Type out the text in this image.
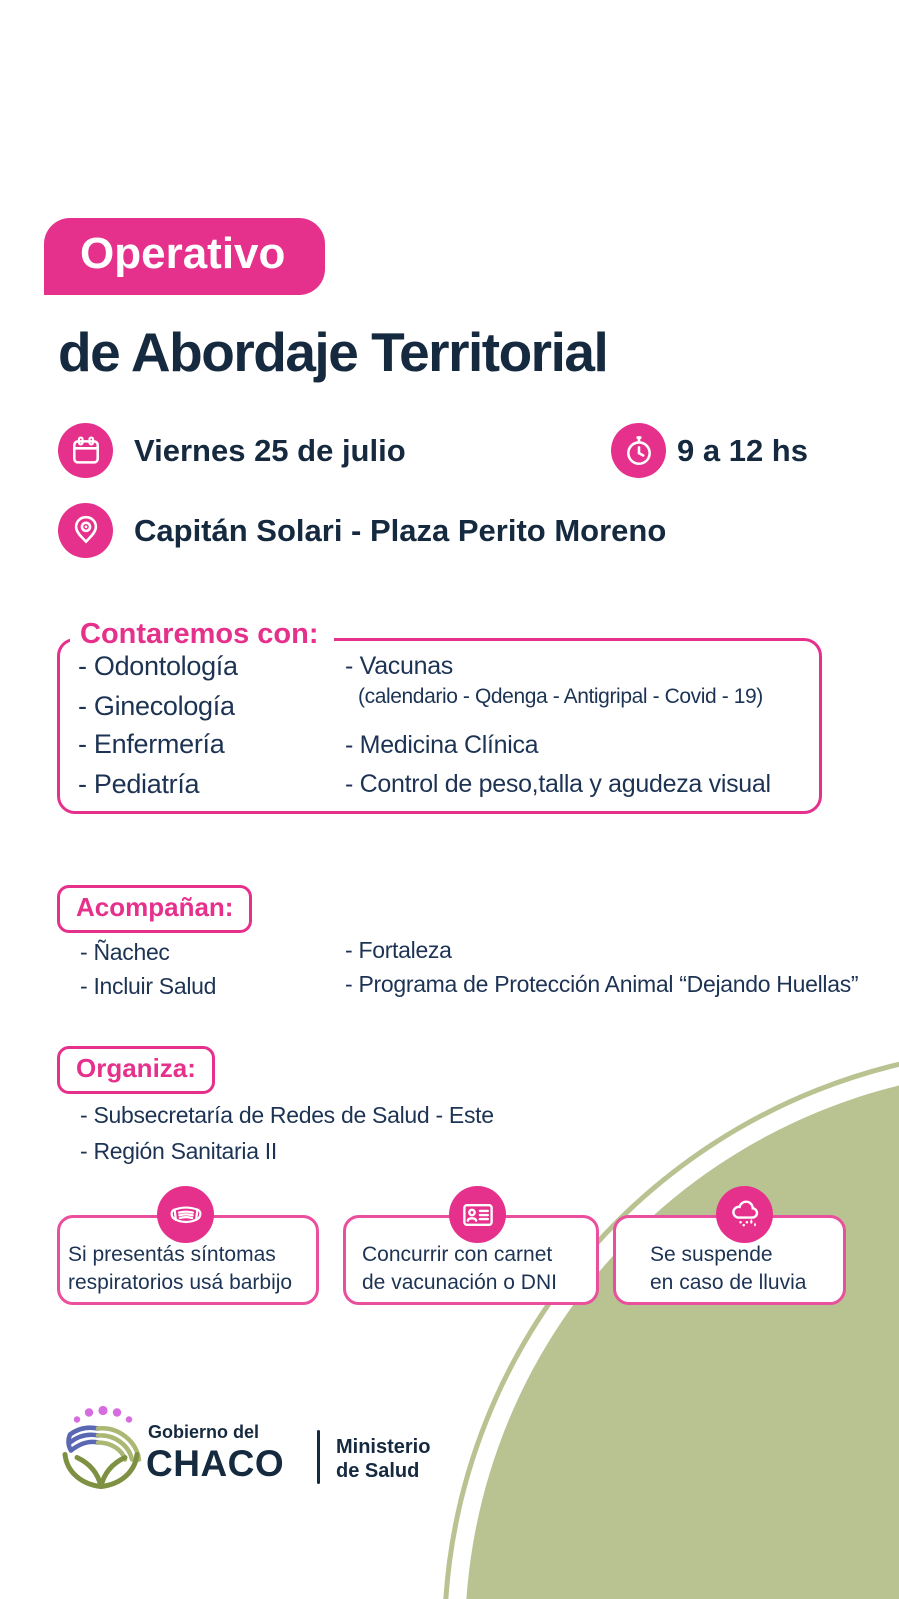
Operativo
de Abordaje Territorial
Viernes 25 de julio	9 a 12 hs
Capitán Solari - Plaza Perito Moreno
Contaremos con:
- Odontología
- Ginecología
- Enfermería
- Pediatría
- Vacunas
(calendario - Qdenga - Antigripal - Covid - 19)
- Medicina Clínica
- Control de peso,talla y agudeza visual
Acompañan:
- Ñachec
- Incluir Salud
- Fortaleza
- Programa de Protección Animal “Dejando Huellas”
Organiza:
- Subsecretaría de Redes de Salud - Este
- Región Sanitaria II
Si presentás síntomas
respiratorios usá barbijo
Concurrir con carnet
de vacunación o DNI
Se suspende
en caso de lluvia
Gobierno del
CHACO	Ministerio
de Salud
